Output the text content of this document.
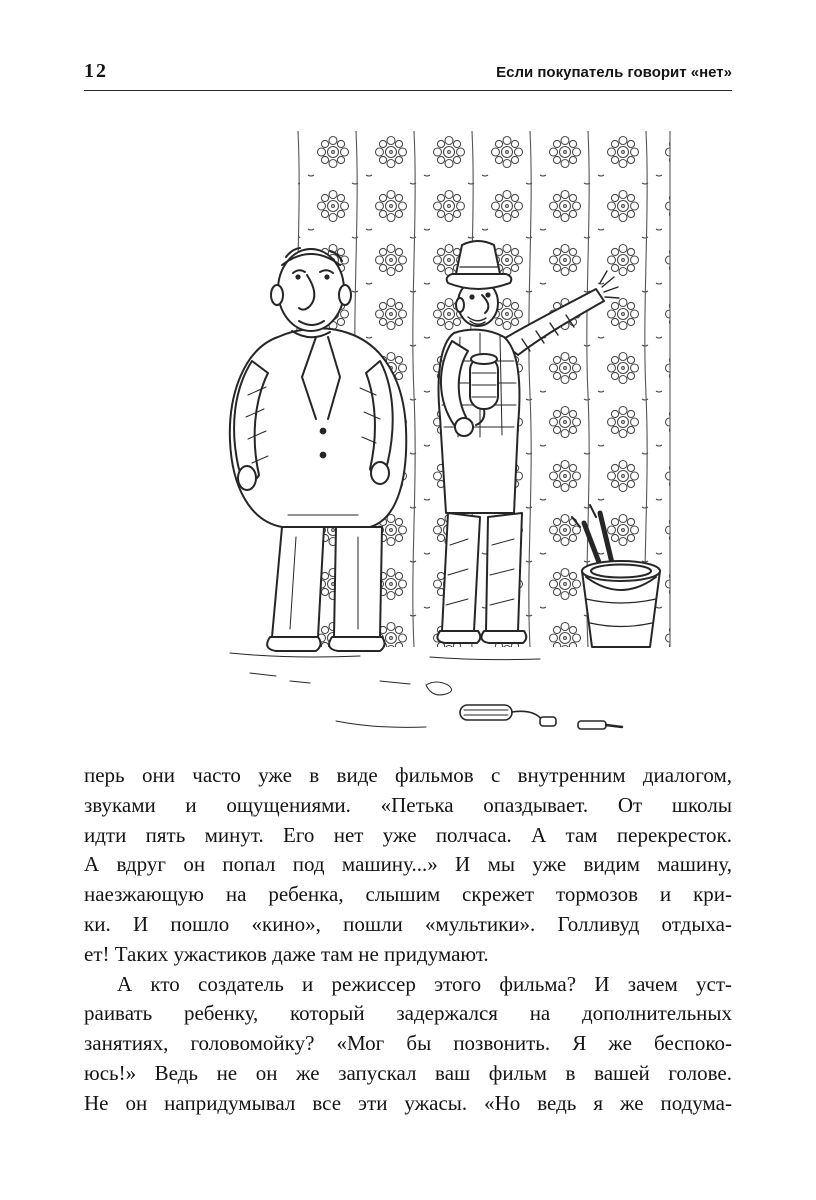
12	Если покупатель говорит «нет»
перь они часто уже в виде фильмов с внутренним диалогом,
звуками и ощущениями. «Петька опаздывает. От школы
идти пять минут. Его нет уже полчаса. А там перекресток.
А вдруг он попал под машину...» И мы уже видим машину,
наезжающую на ребенка, слышим скрежет тормозов и кри-
ки. И пошло «кино», пошли «мультики». Голливуд отдыха-
ет! Таких ужастиков даже там не придумают.
А кто создатель и режиссер этого фильма? И зачем уст-
раивать ребенку, который задержался на дополнительных
занятиях, головомойку? «Мог бы позвонить. Я же беспоко-
юсь!» Ведь не он же запускал ваш фильм в вашей голове.
Не он напридумывал все эти ужасы. «Но ведь я же подума-
